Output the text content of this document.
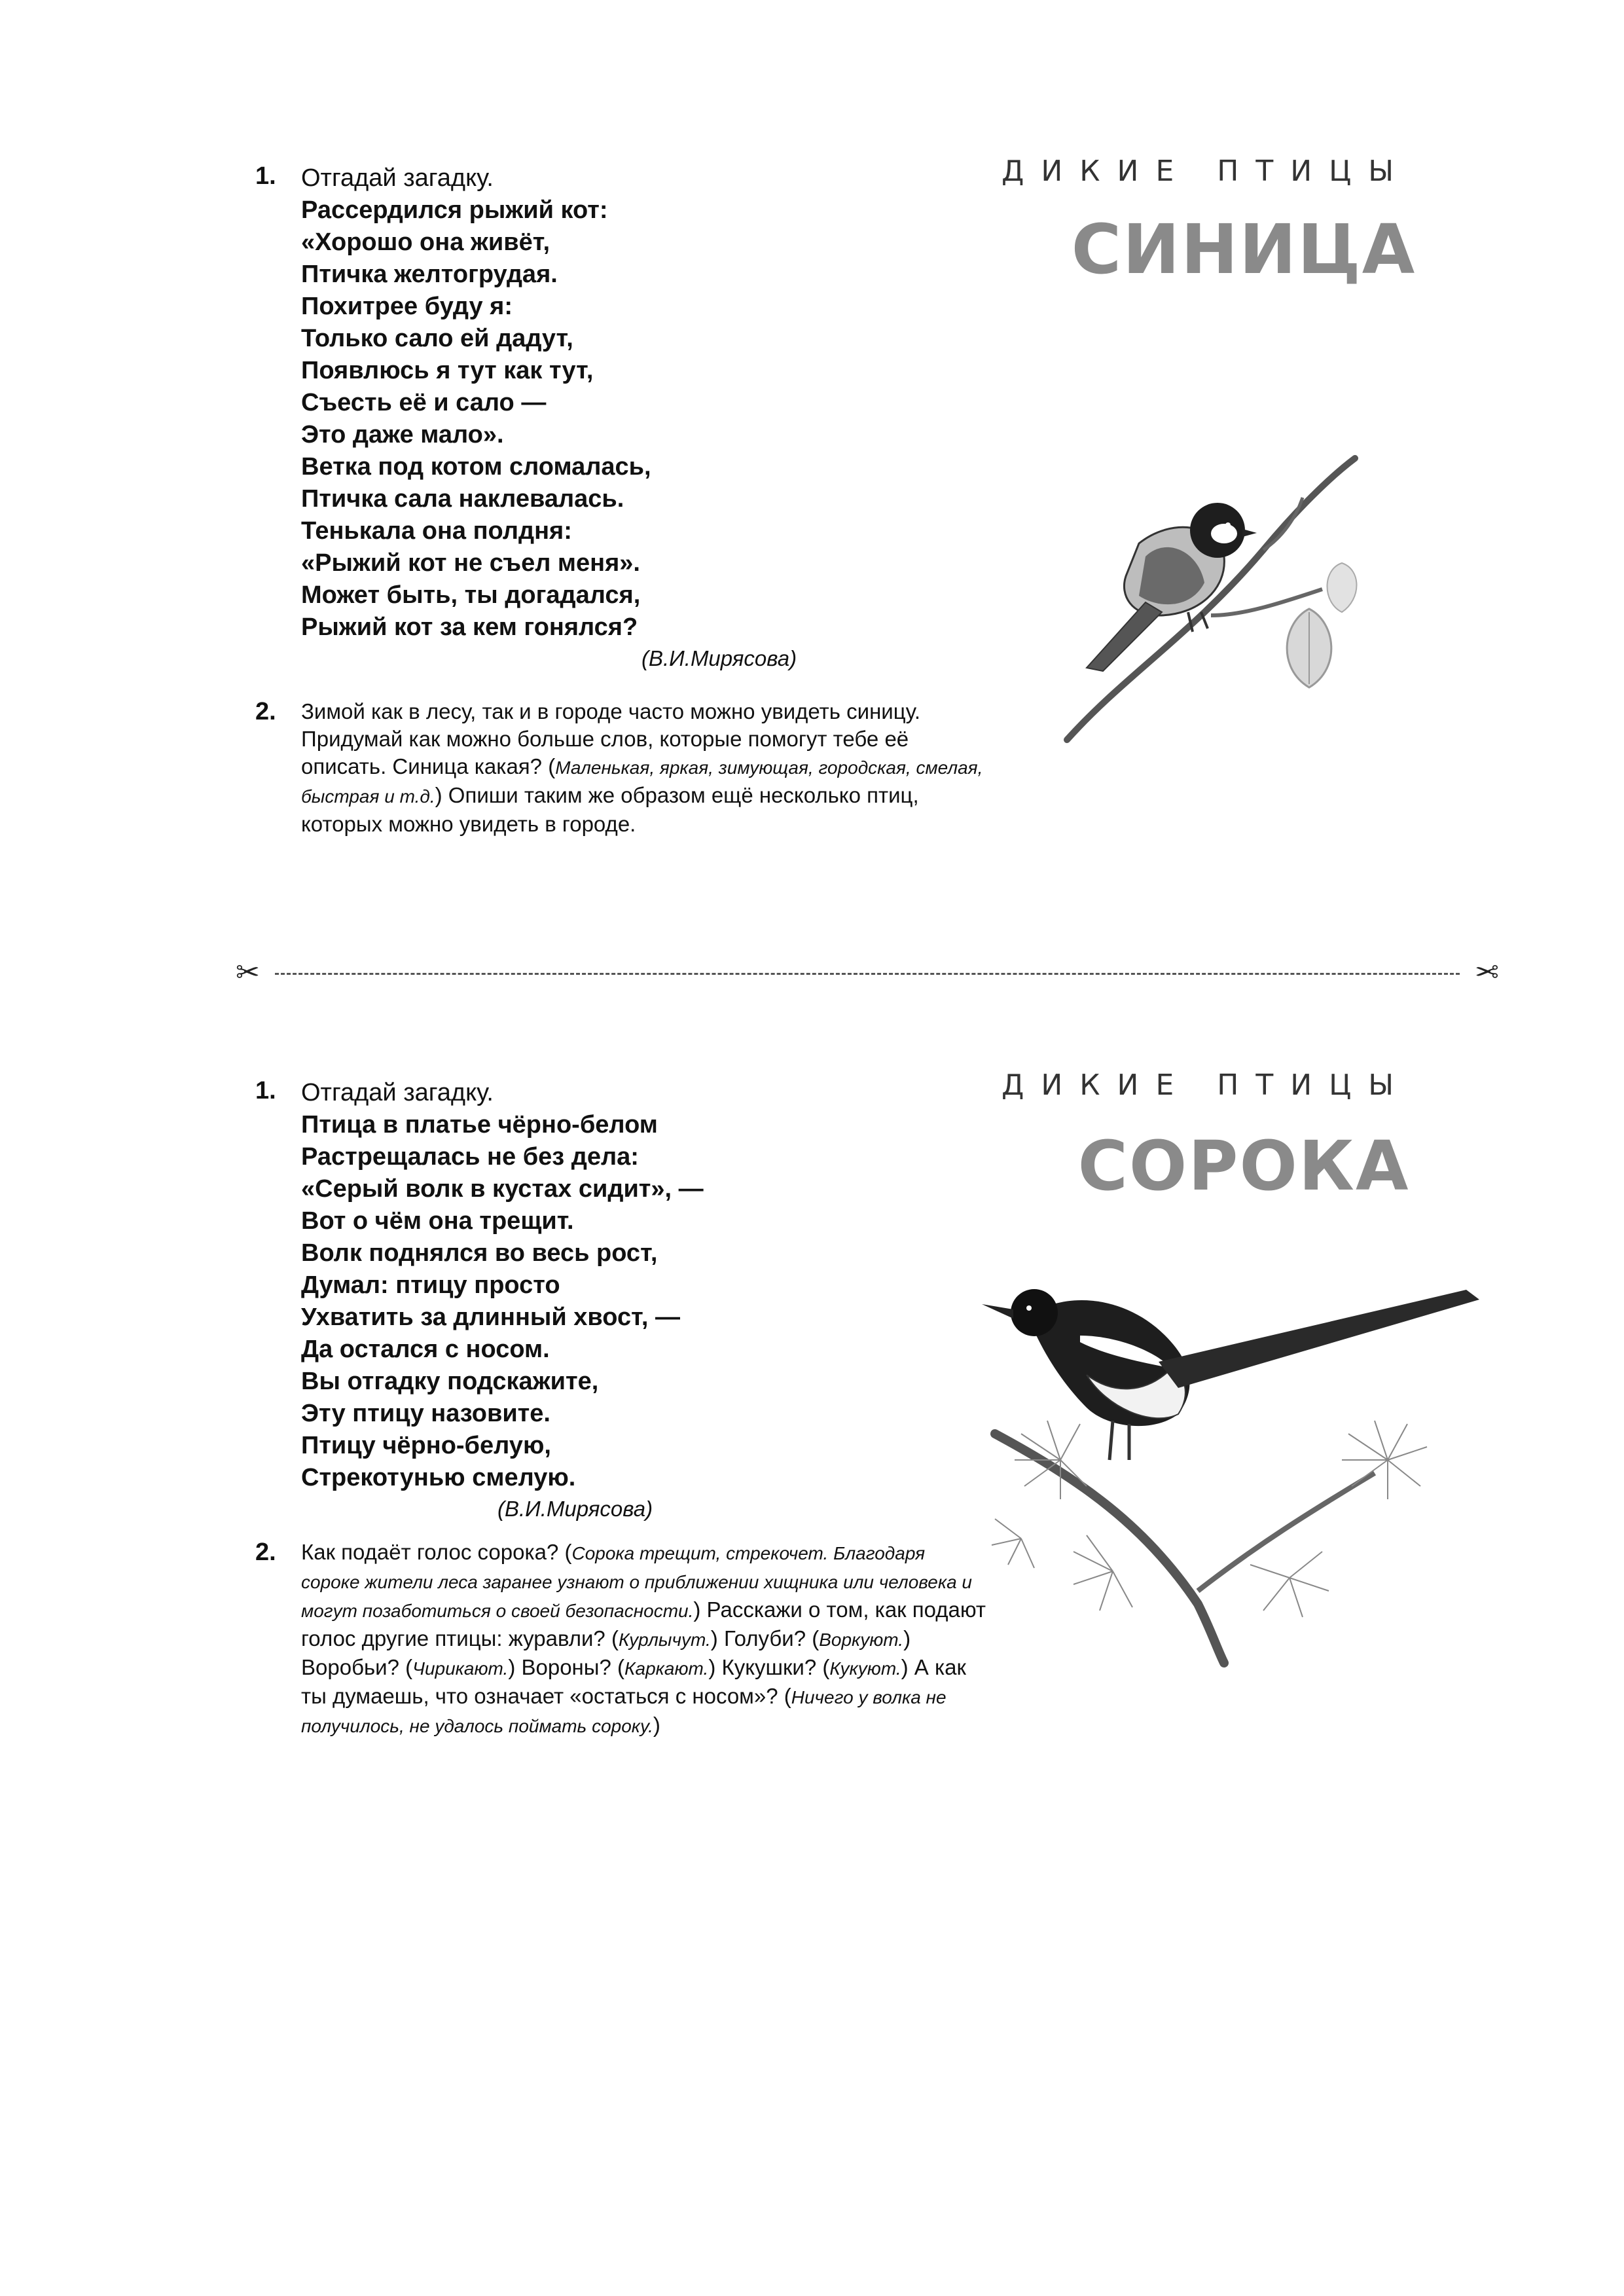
1. Отгадай загадку.
Рассердился рыжий кот:
«Хорошо она живёт,
Птичка желтогрудая.
Похитрее буду я:
Только сало ей дадут,
Появлюсь я тут как тут,
Съесть её и сало —
Это даже мало».
Ветка под котом сломалась,
Птичка сала наклевалась.
Тенькала она полдня:
«Рыжий кот не съел меня».
Может быть, ты догадался,
Рыжий кот за кем гонялся?
(В.И.Мирясова)
2. Зимой как в лесу, так и в городе часто можно увидеть синицу. Придумай как можно больше слов, которые помогут тебе её описать. Синица какая? (Маленькая, яркая, зимующая, городская, смелая, быстрая и т.д.) Опиши таким же образом ещё несколько птиц, которых можно увидеть в городе.
ДИКИЕ ПТИЦЫ
СИНИЦА
✂	✂
1. Отгадай загадку.
Птица в платье чёрно-белом
Растрещалась не без дела:
«Серый волк в кустах сидит», —
Вот о чём она трещит.
Волк поднялся во весь рост,
Думал: птицу просто
Ухватить за длинный хвост, —
Да остался с носом.
Вы отгадку подскажите,
Эту птицу назовите.
Птицу чёрно-белую,
Стрекотунью смелую.
(В.И.Мирясова)
2. Как подаёт голос сорока? (Сорока трещит, стрекочет. Благодаря сороке жители леса заранее узнают о приближении хищника или человека и могут позаботиться о своей безопасности.) Расскажи о том, как подают голос другие птицы: журавли? (Курлычут.) Голуби? (Воркуют.) Воробьи? (Чирикают.) Вороны? (Каркают.) Кукушки? (Кукуют.) А как ты думаешь, что означает «остаться с носом»? (Ничего у волка не получилось, не удалось поймать сороку.)
ДИКИЕ ПТИЦЫ
СОРОКА
